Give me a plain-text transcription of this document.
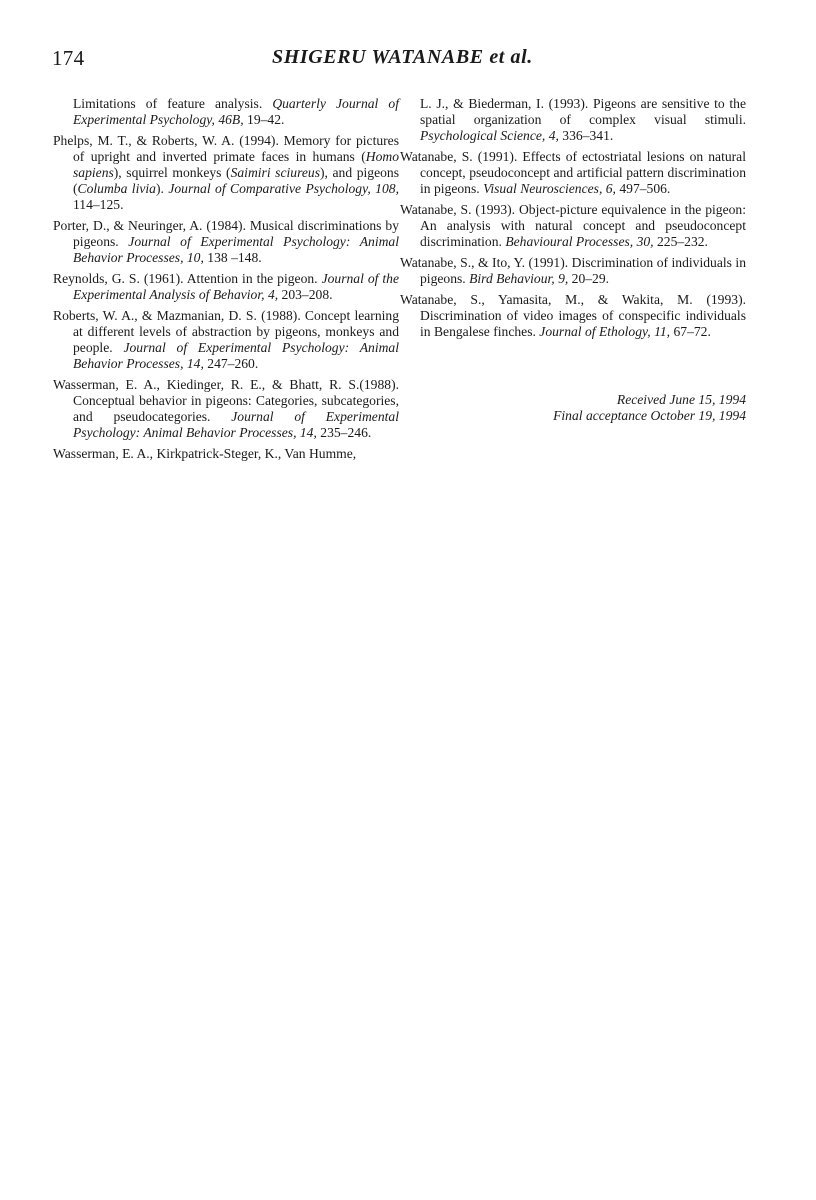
174	SHIGERU WATANABE et al.

Limitations of feature analysis. Quarterly Journal of Experimental Psychology, 46B, 19–42.

Phelps, M. T., & Roberts, W. A. (1994). Memory for pictures of upright and inverted primate faces in humans (Homo sapiens), squirrel monkeys (Saimiri sciureus), and pigeons (Columba livia). Journal of Comparative Psychology, 108, 114–125.

Porter, D., & Neuringer, A. (1984). Musical discriminations by pigeons. Journal of Experimental Psychology: Animal Behavior Processes, 10, 138 –148.

Reynolds, G. S. (1961). Attention in the pigeon. Journal of the Experimental Analysis of Behavior, 4, 203–208.

Roberts, W. A., & Mazmanian, D. S. (1988). Concept learning at different levels of abstraction by pigeons, monkeys and people. Journal of Experimental Psychology: Animal Behavior Processes, 14, 247–260.

Wasserman, E. A., Kiedinger, R. E., & Bhatt, R. S.(1988). Conceptual behavior in pigeons: Categories, subcategories, and pseudocategories. Journal of Experimental Psychology: Animal Behavior Processes, 14, 235–246.

Wasserman, E. A., Kirkpatrick-Steger, K., Van Humme,

L. J., & Biederman, I. (1993). Pigeons are sensitive to the spatial organization of complex visual stimuli. Psychological Science, 4, 336–341.

Watanabe, S. (1991). Effects of ectostriatal lesions on natural concept, pseudoconcept and artificial pattern discrimination in pigeons. Visual Neurosciences, 6, 497–506.

Watanabe, S. (1993). Object-picture equivalence in the pigeon: An analysis with natural concept and pseudoconcept discrimination. Behavioural Processes, 30, 225–232.

Watanabe, S., & Ito, Y. (1991). Discrimination of individuals in pigeons. Bird Behaviour, 9, 20–29.

Watanabe, S., Yamasita, M., & Wakita, M. (1993). Discrimination of video images of conspecific individuals in Bengalese finches. Journal of Ethology, 11, 67–72.

Received June 15, 1994
Final acceptance October 19, 1994
